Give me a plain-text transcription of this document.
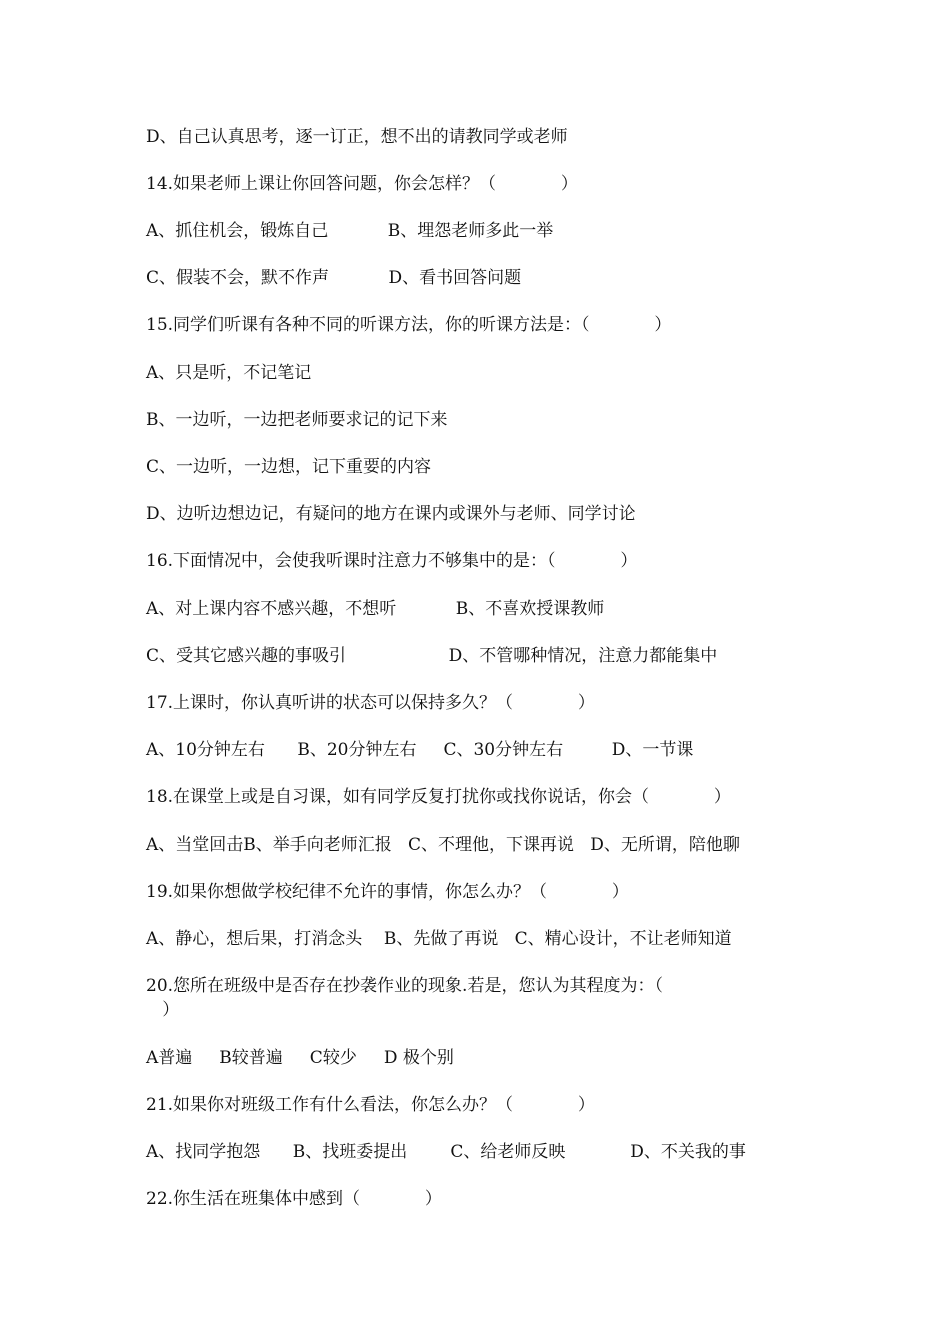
D、自己认真思考，逐一订正，想不出的请教同学或老师
14.如果老师上课让你回答问题，你会怎样？（            ）
A、抓住机会，锻炼自己           B、埋怨老师多此一举
C、假装不会，默不作声           D、看书回答问题
15.同学们听课有各种不同的听课方法，你的听课方法是：（            ）
A、只是听，不记笔记
B、一边听，一边把老师要求记的记下来
C、一边听，一边想，记下重要的内容
D、边听边想边记，有疑问的地方在课内或课外与老师、同学讨论
16.下面情况中，会使我听课时注意力不够集中的是：（            ）
A、对上课内容不感兴趣，不想听           B、不喜欢授课教师
C、受其它感兴趣的事吸引                   D、不管哪种情况，注意力都能集中
17.上课时，你认真听讲的状态可以保持多久？（            ）
A、10分钟左右      B、20分钟左右     C、30分钟左右         D、一节课
18.在课堂上或是自习课，如有同学反复打扰你或找你说话，你会（            ）
A、当堂回击B、举手向老师汇报   C、不理他，下课再说   D、无所谓，陪他聊
19.如果你想做学校纪律不允许的事情，你怎么办？（            ）
A、静心，想后果，打消念头    B、先做了再说   C、精心设计，不让老师知道
20.您所在班级中是否存在抄袭作业的现象.若是，您认为其程度为：（
）
A普遍     B较普遍     C较少     D 极个别
21.如果你对班级工作有什么看法，你怎么办？（            ）
A、找同学抱怨      B、找班委提出        C、给老师反映            D、不关我的事
22.你生活在班集体中感到（            ）
